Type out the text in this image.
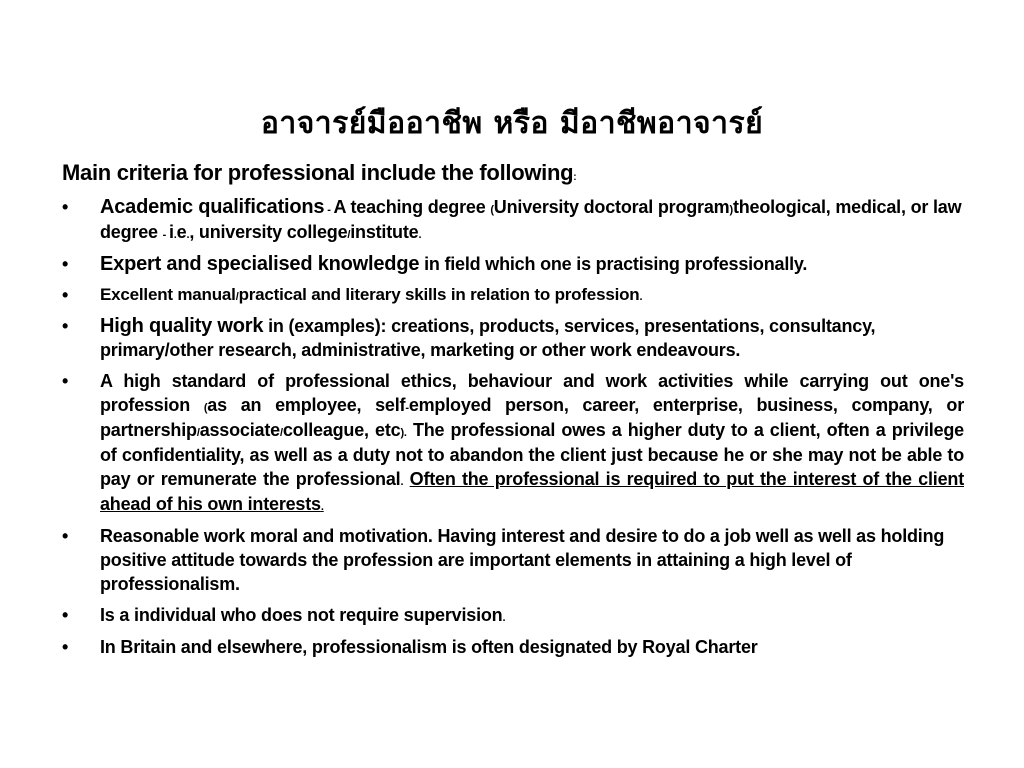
อาจารย์มืออาชีพ หรือ มีอาชีพอาจารย์
Main criteria for professional include the following:
• Academic qualifications - A teaching degree (University doctoral program)theological, medical, or law degree - i.e., university college/institute.
• Expert and specialised knowledge in field which one is practising professionally.
• Excellent manual/practical and literary skills in relation to profession.
• High quality work in (examples): creations, products, services, presentations, consultancy, primary/other research, administrative, marketing or other work endeavours.
• A high standard of professional ethics, behaviour and work activities while carrying out one's profession (as an employee, self-employed person, career, enterprise, business, company, or partnership/associate/colleague, etc). The professional owes a higher duty to a client, often a privilege of confidentiality, as well as a duty not to abandon the client just because he or she may not be able to pay or remunerate the professional. Often the professional is required to put the interest of the client ahead of his own interests.
• Reasonable work moral and motivation. Having interest and desire to do a job well as well as holding positive attitude towards the profession are important elements in attaining a high level of professionalism.
• Is a individual who does not require supervision.
• In Britain and elsewhere, professionalism is often designated by Royal Charter
